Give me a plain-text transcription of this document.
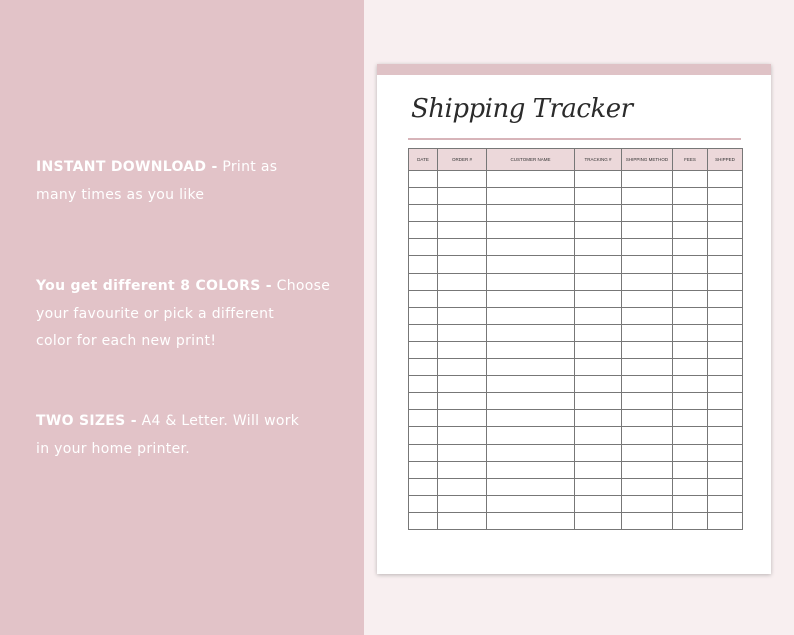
INSTANT DOWNLOAD - Print as
many times as you like
You get different 8 COLORS - Choose
your favourite or pick a different
color for each new print!
TWO SIZES - A4 & Letter. Will work
in your home printer.
Shipping Tracker
DATE	ORDER #	CUSTOMER NAME	TRACKING #	SHIPPING METHOD	FEES	SHIPPED
